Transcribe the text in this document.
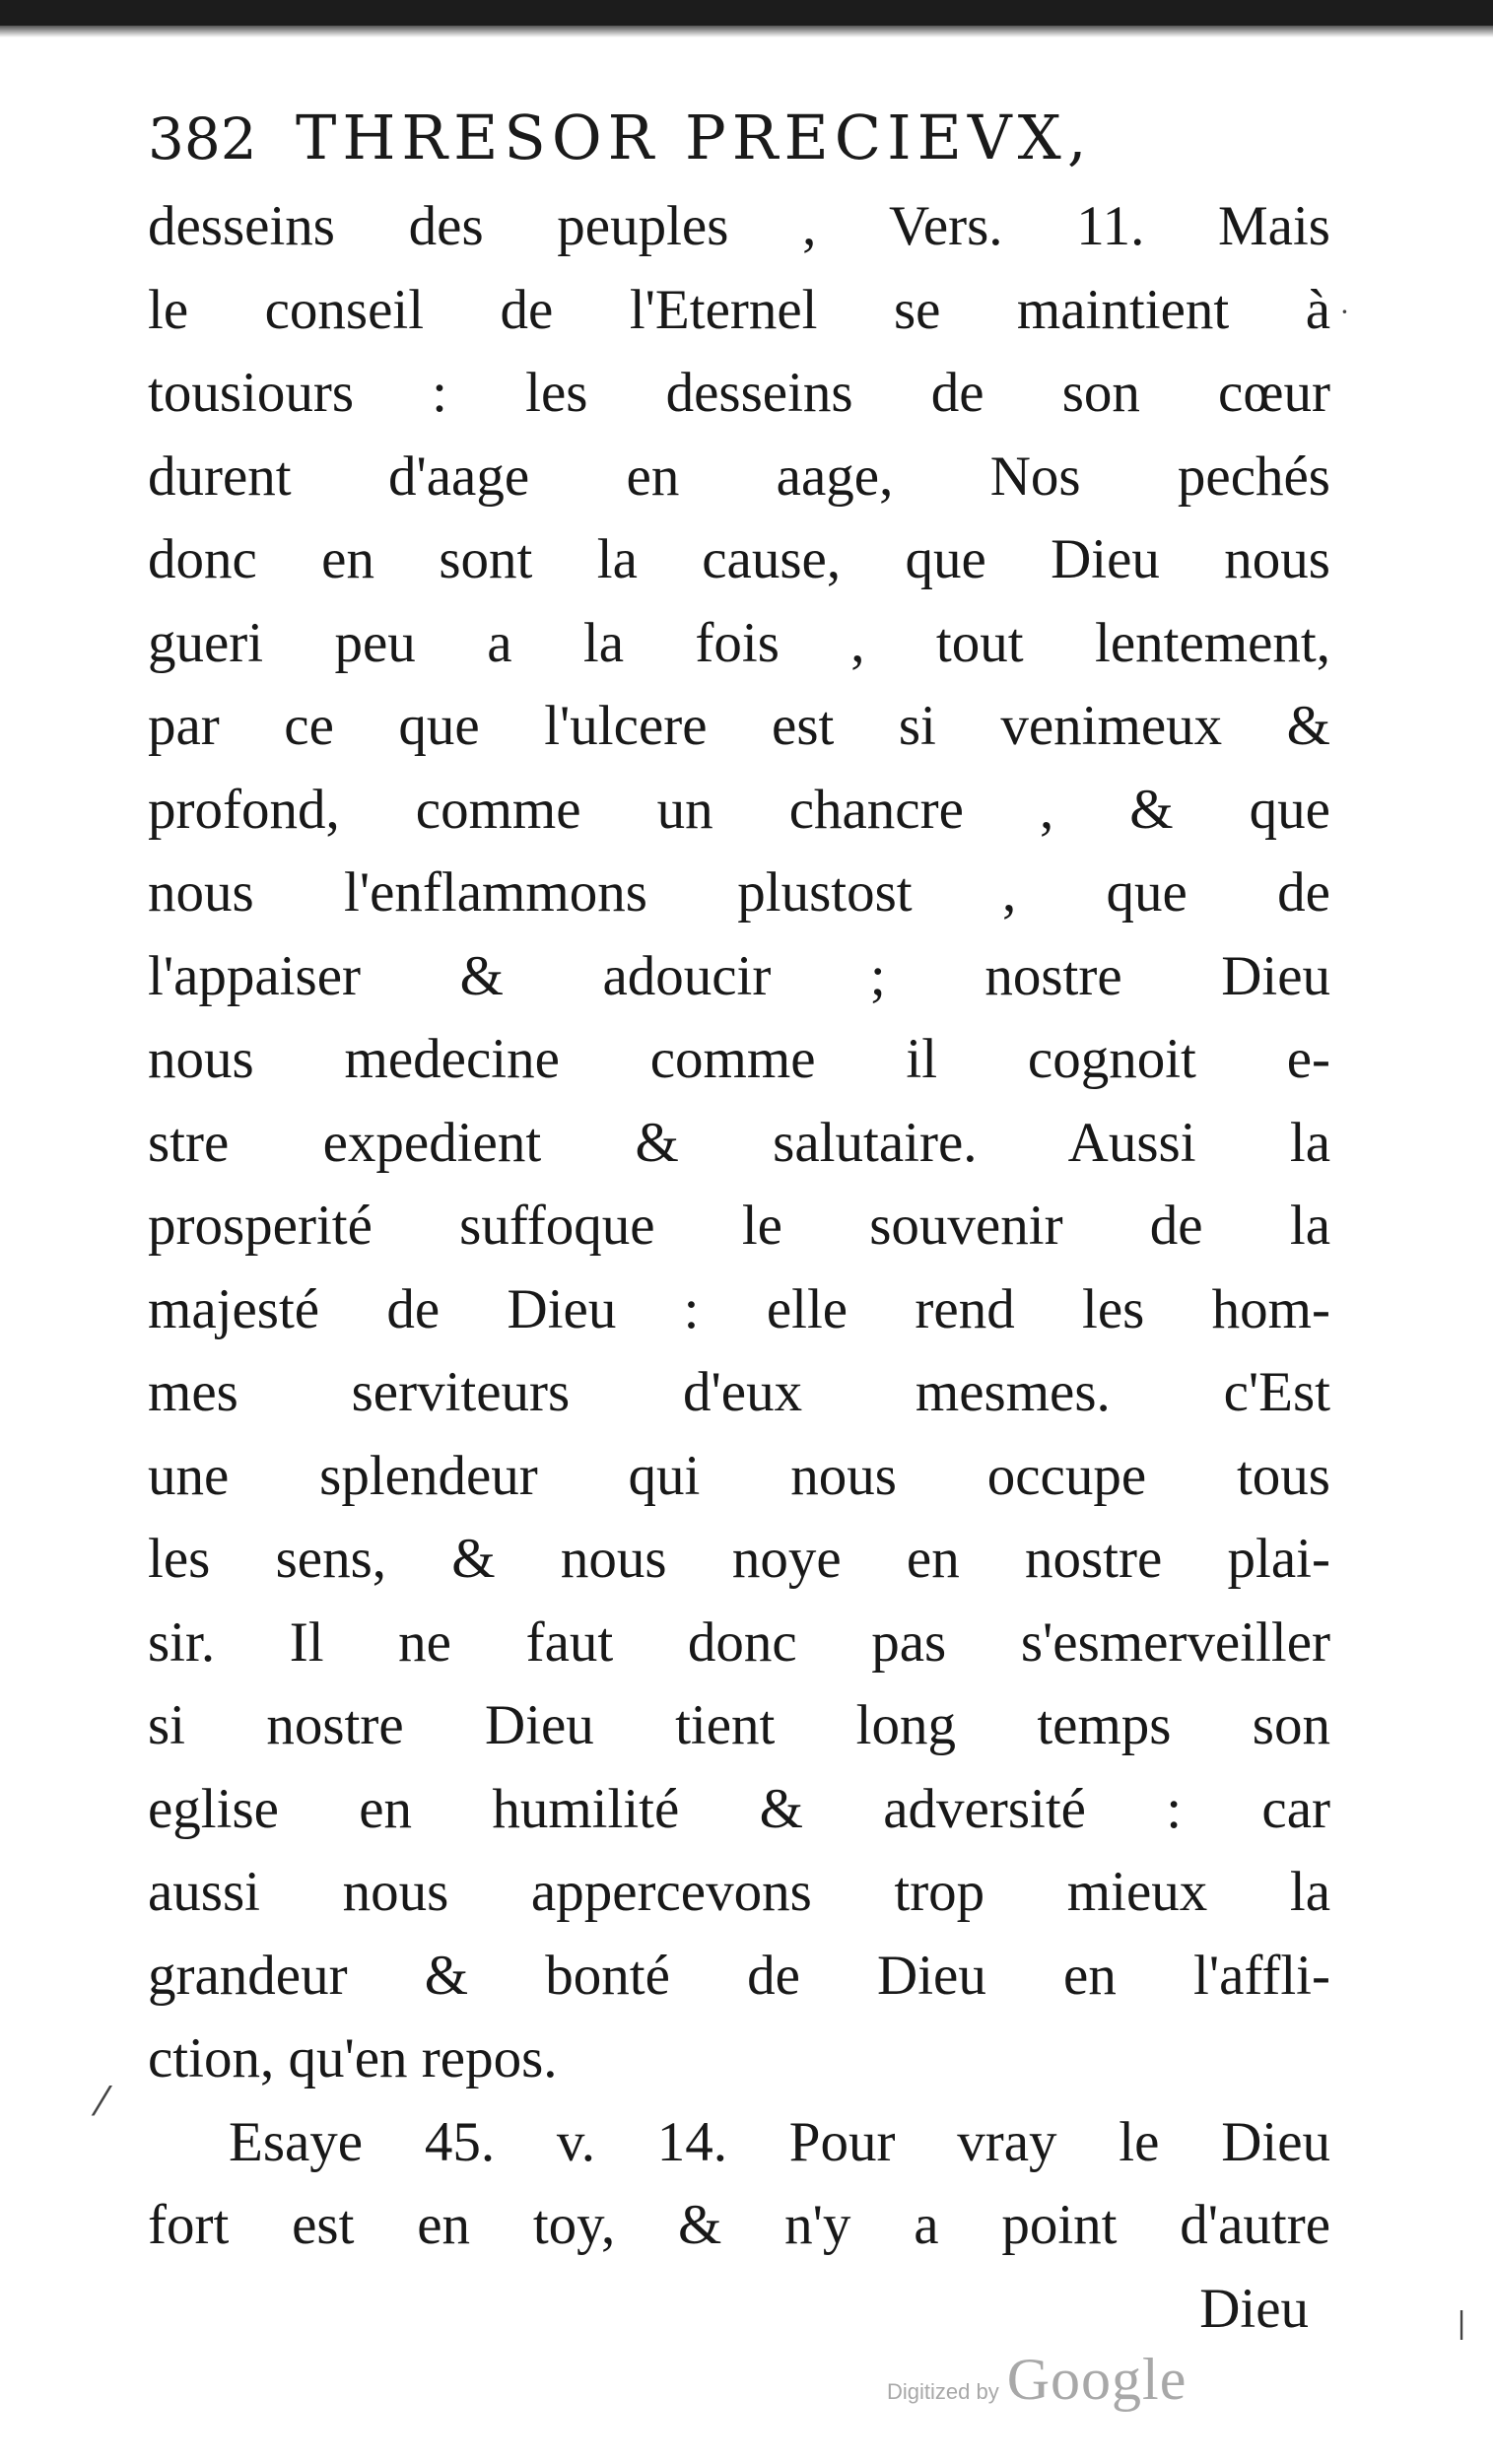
382 THRESOR PRECIEVX,
desseins des peuples , Vers. 11. Mais
le conseil de l'Eternel se maintient à
tousiours : les desseins de son cœur
durent d'aage en aage, Nos pechés
donc en sont la cause, que Dieu nous
gueri peu a la fois , tout lentement,
par ce que l'ulcere est si venimeux &
profond, comme un chancre , & que
nous l'enflammons plustost , que de
l'appaiser & adoucir ; nostre Dieu
nous medecine comme il cognoit e-
stre expedient & salutaire. Aussi la
prosperité suffoque le souvenir de la
majesté de Dieu : elle rend les hom-
mes serviteurs d'eux mesmes. c'Est
une splendeur qui nous occupe tous
les sens, & nous noye en nostre plai-
sir. Il ne faut donc pas s'esmerveiller
si nostre Dieu tient long temps son
eglise en humilité & adversité : car
aussi nous appercevons trop mieux la
grandeur & bonté de Dieu en l'affli-
ction, qu'en repos.
Esaye 45. v. 14. Pour vray le Dieu
fort est en toy, & n'y a point d'autre
Dieu
⁄
·
|
Digitized by Google
